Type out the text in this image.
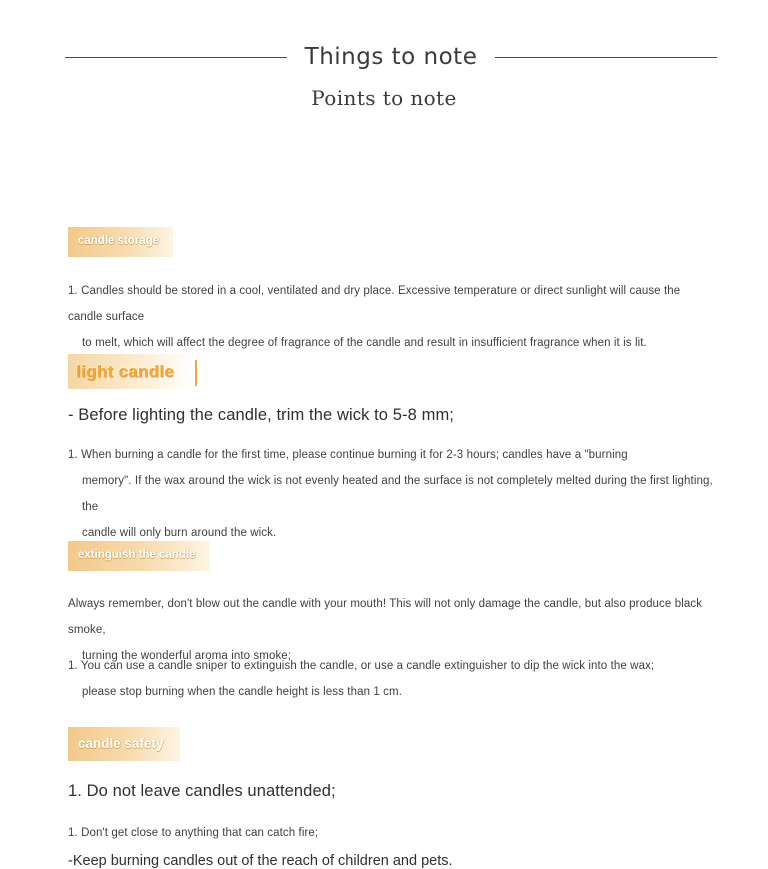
Things to note
Points to note
candle storage
1. Candles should be stored in a cool, ventilated and dry place. Excessive temperature or direct sunlight will cause the candle surface
to melt, which will affect the degree of fragrance of the candle and result in insufficient fragrance when it is lit.
light candle
- Before lighting the candle, trim the wick to 5-8 mm;
1. When burning a candle for the first time, please continue burning it for 2-3 hours; candles have a "burning
memory". If the wax around the wick is not evenly heated and the surface is not completely melted during the first lighting, the
candle will only burn around the wick.
extinguish the candle
Always remember, don't blow out the candle with your mouth! This will not only damage the candle, but also produce black smoke,
turning the wonderful aroma into smoke;
1. You can use a candle sniper to extinguish the candle, or use a candle extinguisher to dip the wick into the wax;
please stop burning when the candle height is less than 1 cm.
candle safety
1. Do not leave candles unattended;
1. Don't get close to anything that can catch fire;
-Keep burning candles out of the reach of children and pets.
